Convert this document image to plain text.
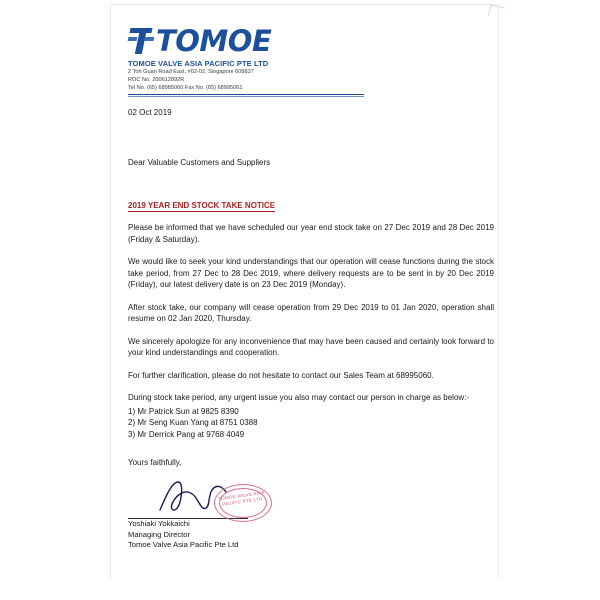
TOMOE
TOMOE VALVE ASIA PACIFIC PTE LTD
2 Toh Guan Road East, #02-02, Singapore 608837
ROC No. 200612892R
Tel No. (65) 68985060 Fax No. (65) 68995061
02 Oct 2019
Dear Valuable Customers and Suppliers
2019 YEAR END STOCK TAKE NOTICE

Please be informed that we have scheduled our year end stock take on 27 Dec 2019 and 28 Dec 2019 (Friday & Saturday).

We would like to seek your kind understandings that our operation will cease functions during the stock take period, from 27 Dec to 28 Dec 2019, where delivery requests are to be sent in by 20 Dec 2019 (Friday), our latest delivery date is on 23 Dec 2019 (Monday).

After stock take, our company will cease operation from 29 Dec 2019 to 01 Jan 2020, operation shall resume on 02 Jan 2020, Thursday.

We sincerely apologize for any inconvenience that may have been caused and certainly look forward to your kind understandings and cooperation.

For further clarification, please do not hesitate to contact our Sales Team at 68995060.

During stock take period, any urgent issue you also may contact our person in charge as below:-

1) Mr Patrick Sun at 9825 8390
2) Mr Seng Kuan Yang at 8751 0388
3) Mr Derrick Pang at 9768 4049
Yours faithfully,
TOMOE VALVE ASIA PACIFIC PTE LTD
Yoshiaki Yokkaichi
Managing Director
Tomoe Valve Asia Pacific Pte Ltd
